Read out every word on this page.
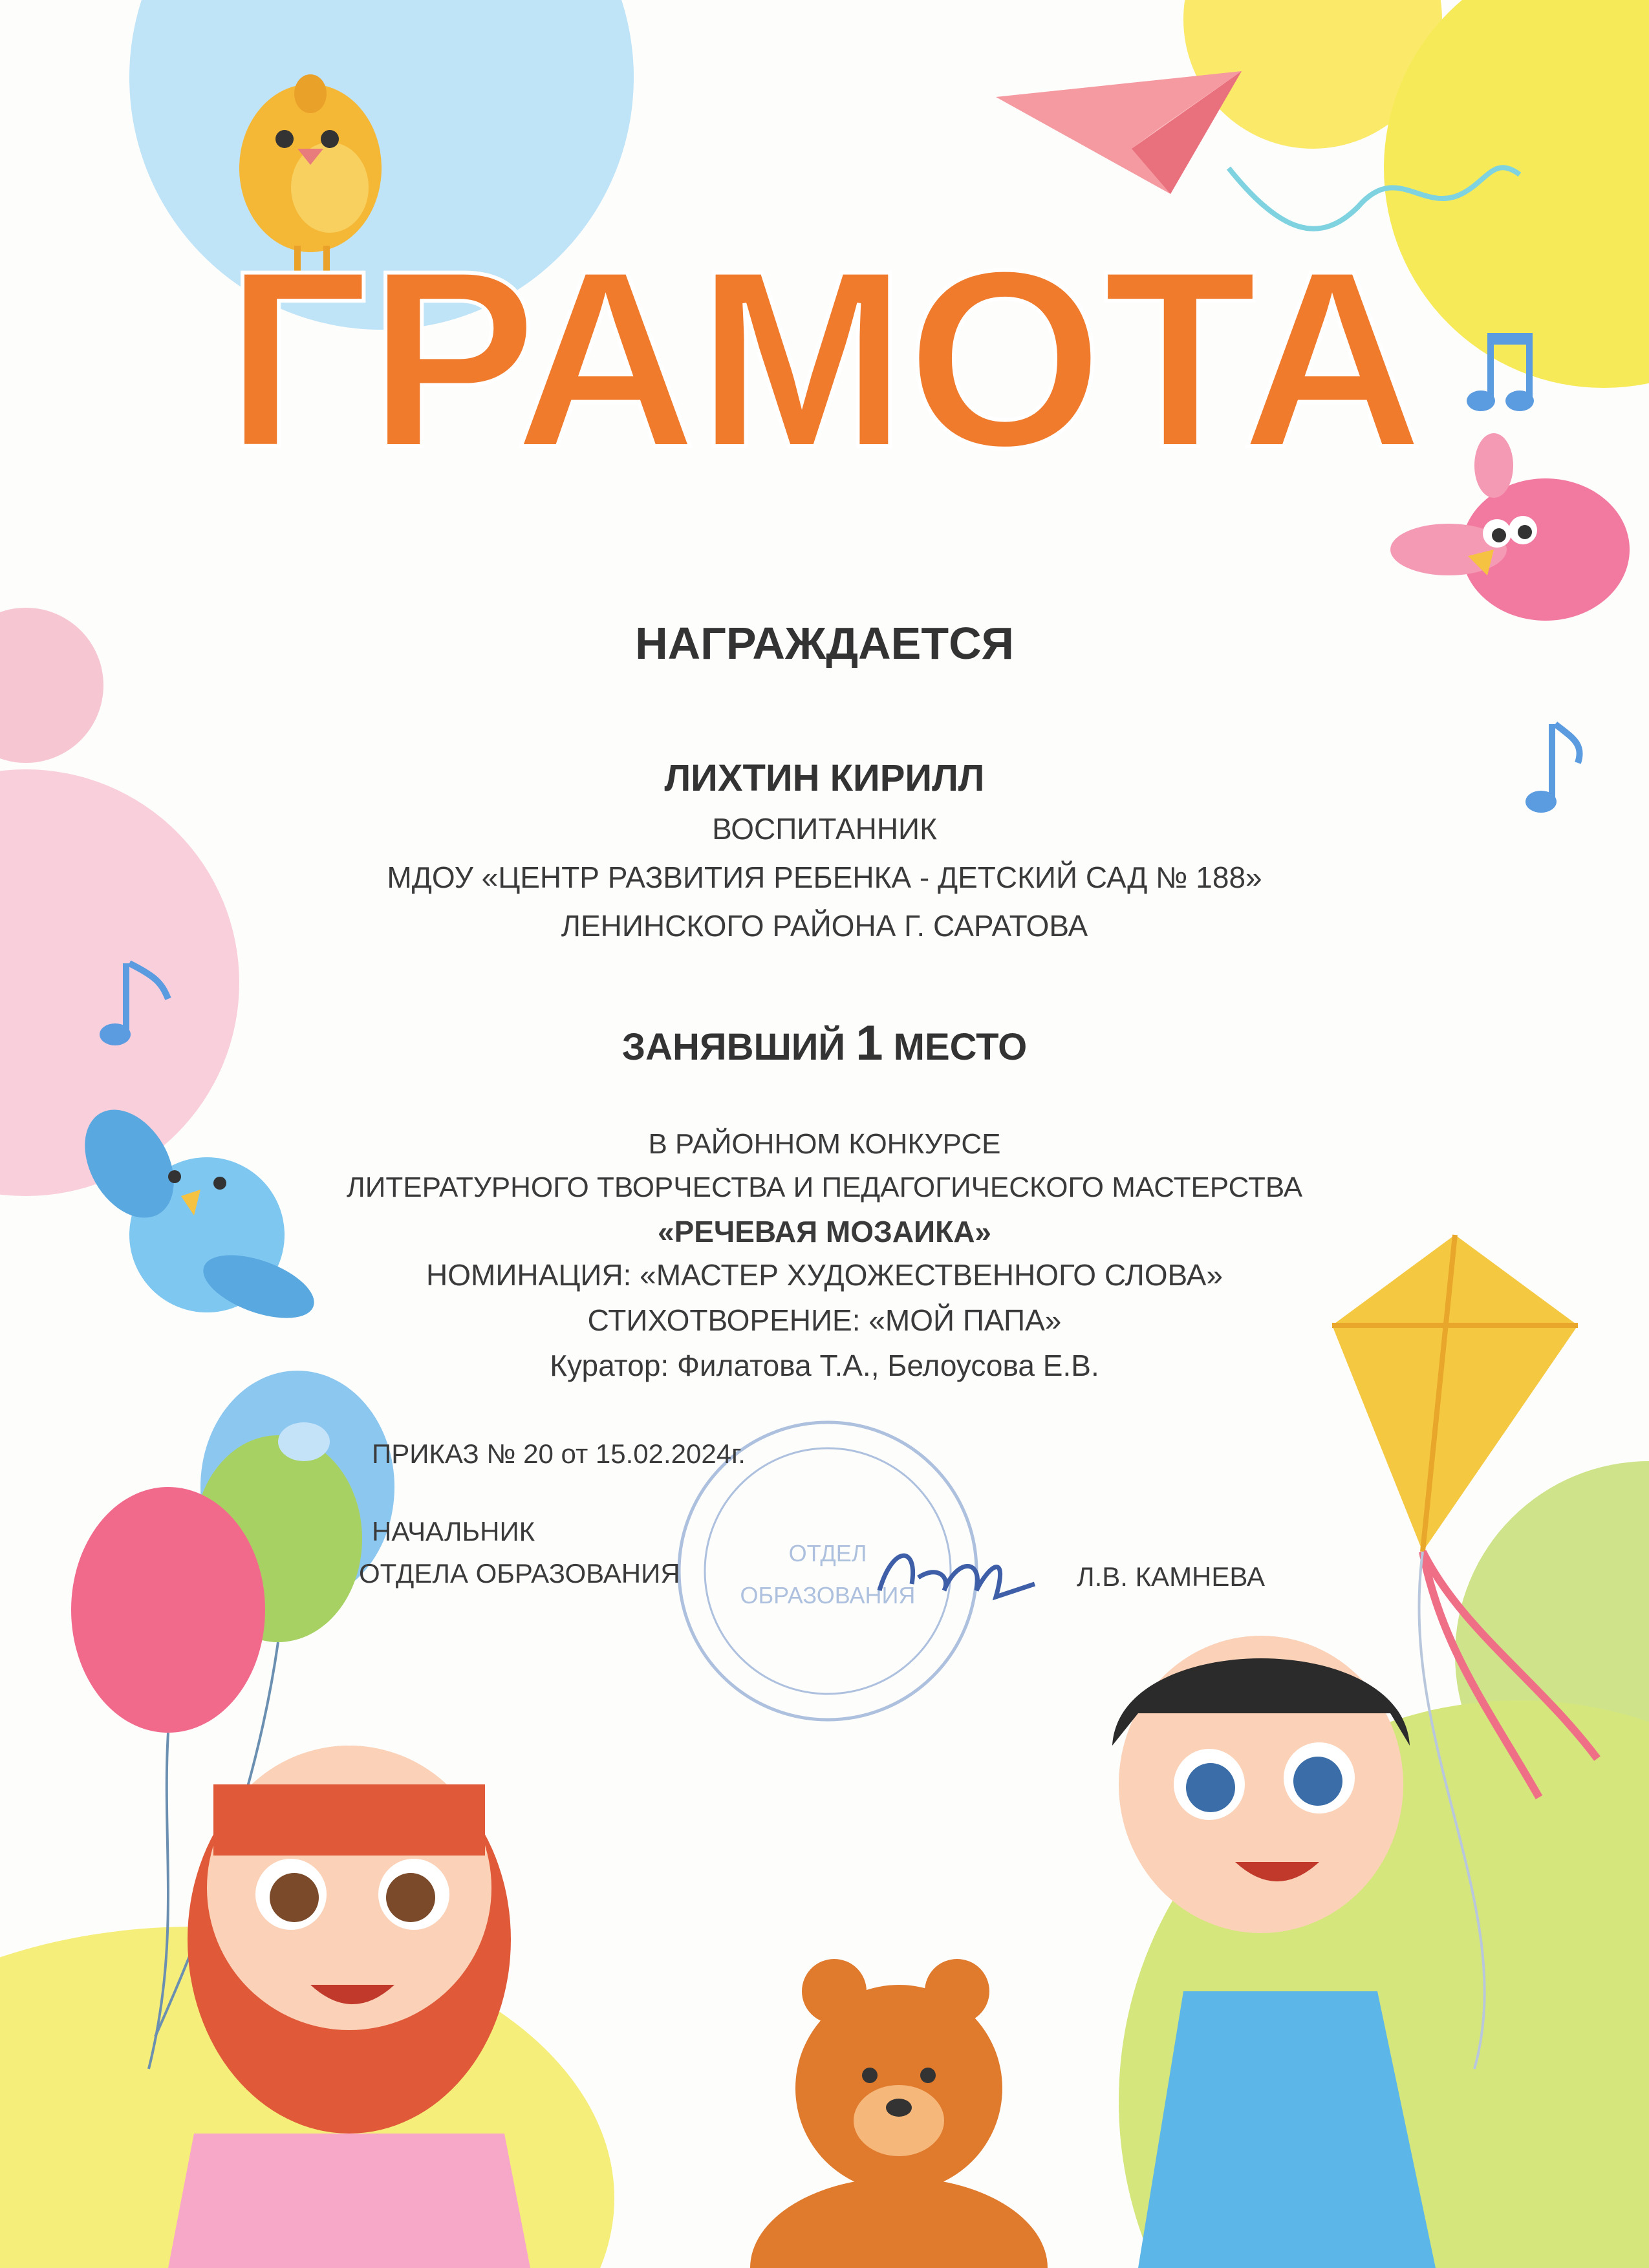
ОТДЕЛ
ОБРАЗОВАНИЯ
ГРАМОТА
НАГРАЖДАЕТСЯ
ЛИХТИН КИРИЛЛ
ВОСПИТАННИК
МДОУ «ЦЕНТР РАЗВИТИЯ РЕБЕНКА - ДЕТСКИЙ САД № 188»
ЛЕНИНСКОГО РАЙОНА Г. САРАТОВА
ЗАНЯВШИЙ 1 МЕСТО
В РАЙОННОМ КОНКУРСЕ
ЛИТЕРАТУРНОГО ТВОРЧЕСТВА И ПЕДАГОГИЧЕСКОГО МАСТЕРСТВА
«РЕЧЕВАЯ МОЗАИКА»
НОМИНАЦИЯ: «МАСТЕР ХУДОЖЕСТВЕННОГО СЛОВА»
СТИХОТВОРЕНИЕ: «МОЙ ПАПА»
Куратор: Филатова Т.А., Белоусова Е.В.
ПРИКАЗ № 20 от 15.02.2024г.
НАЧАЛЬНИК
ОТДЕЛА ОБРАЗОВАНИЯ	Л.В. КАМНЕВА
